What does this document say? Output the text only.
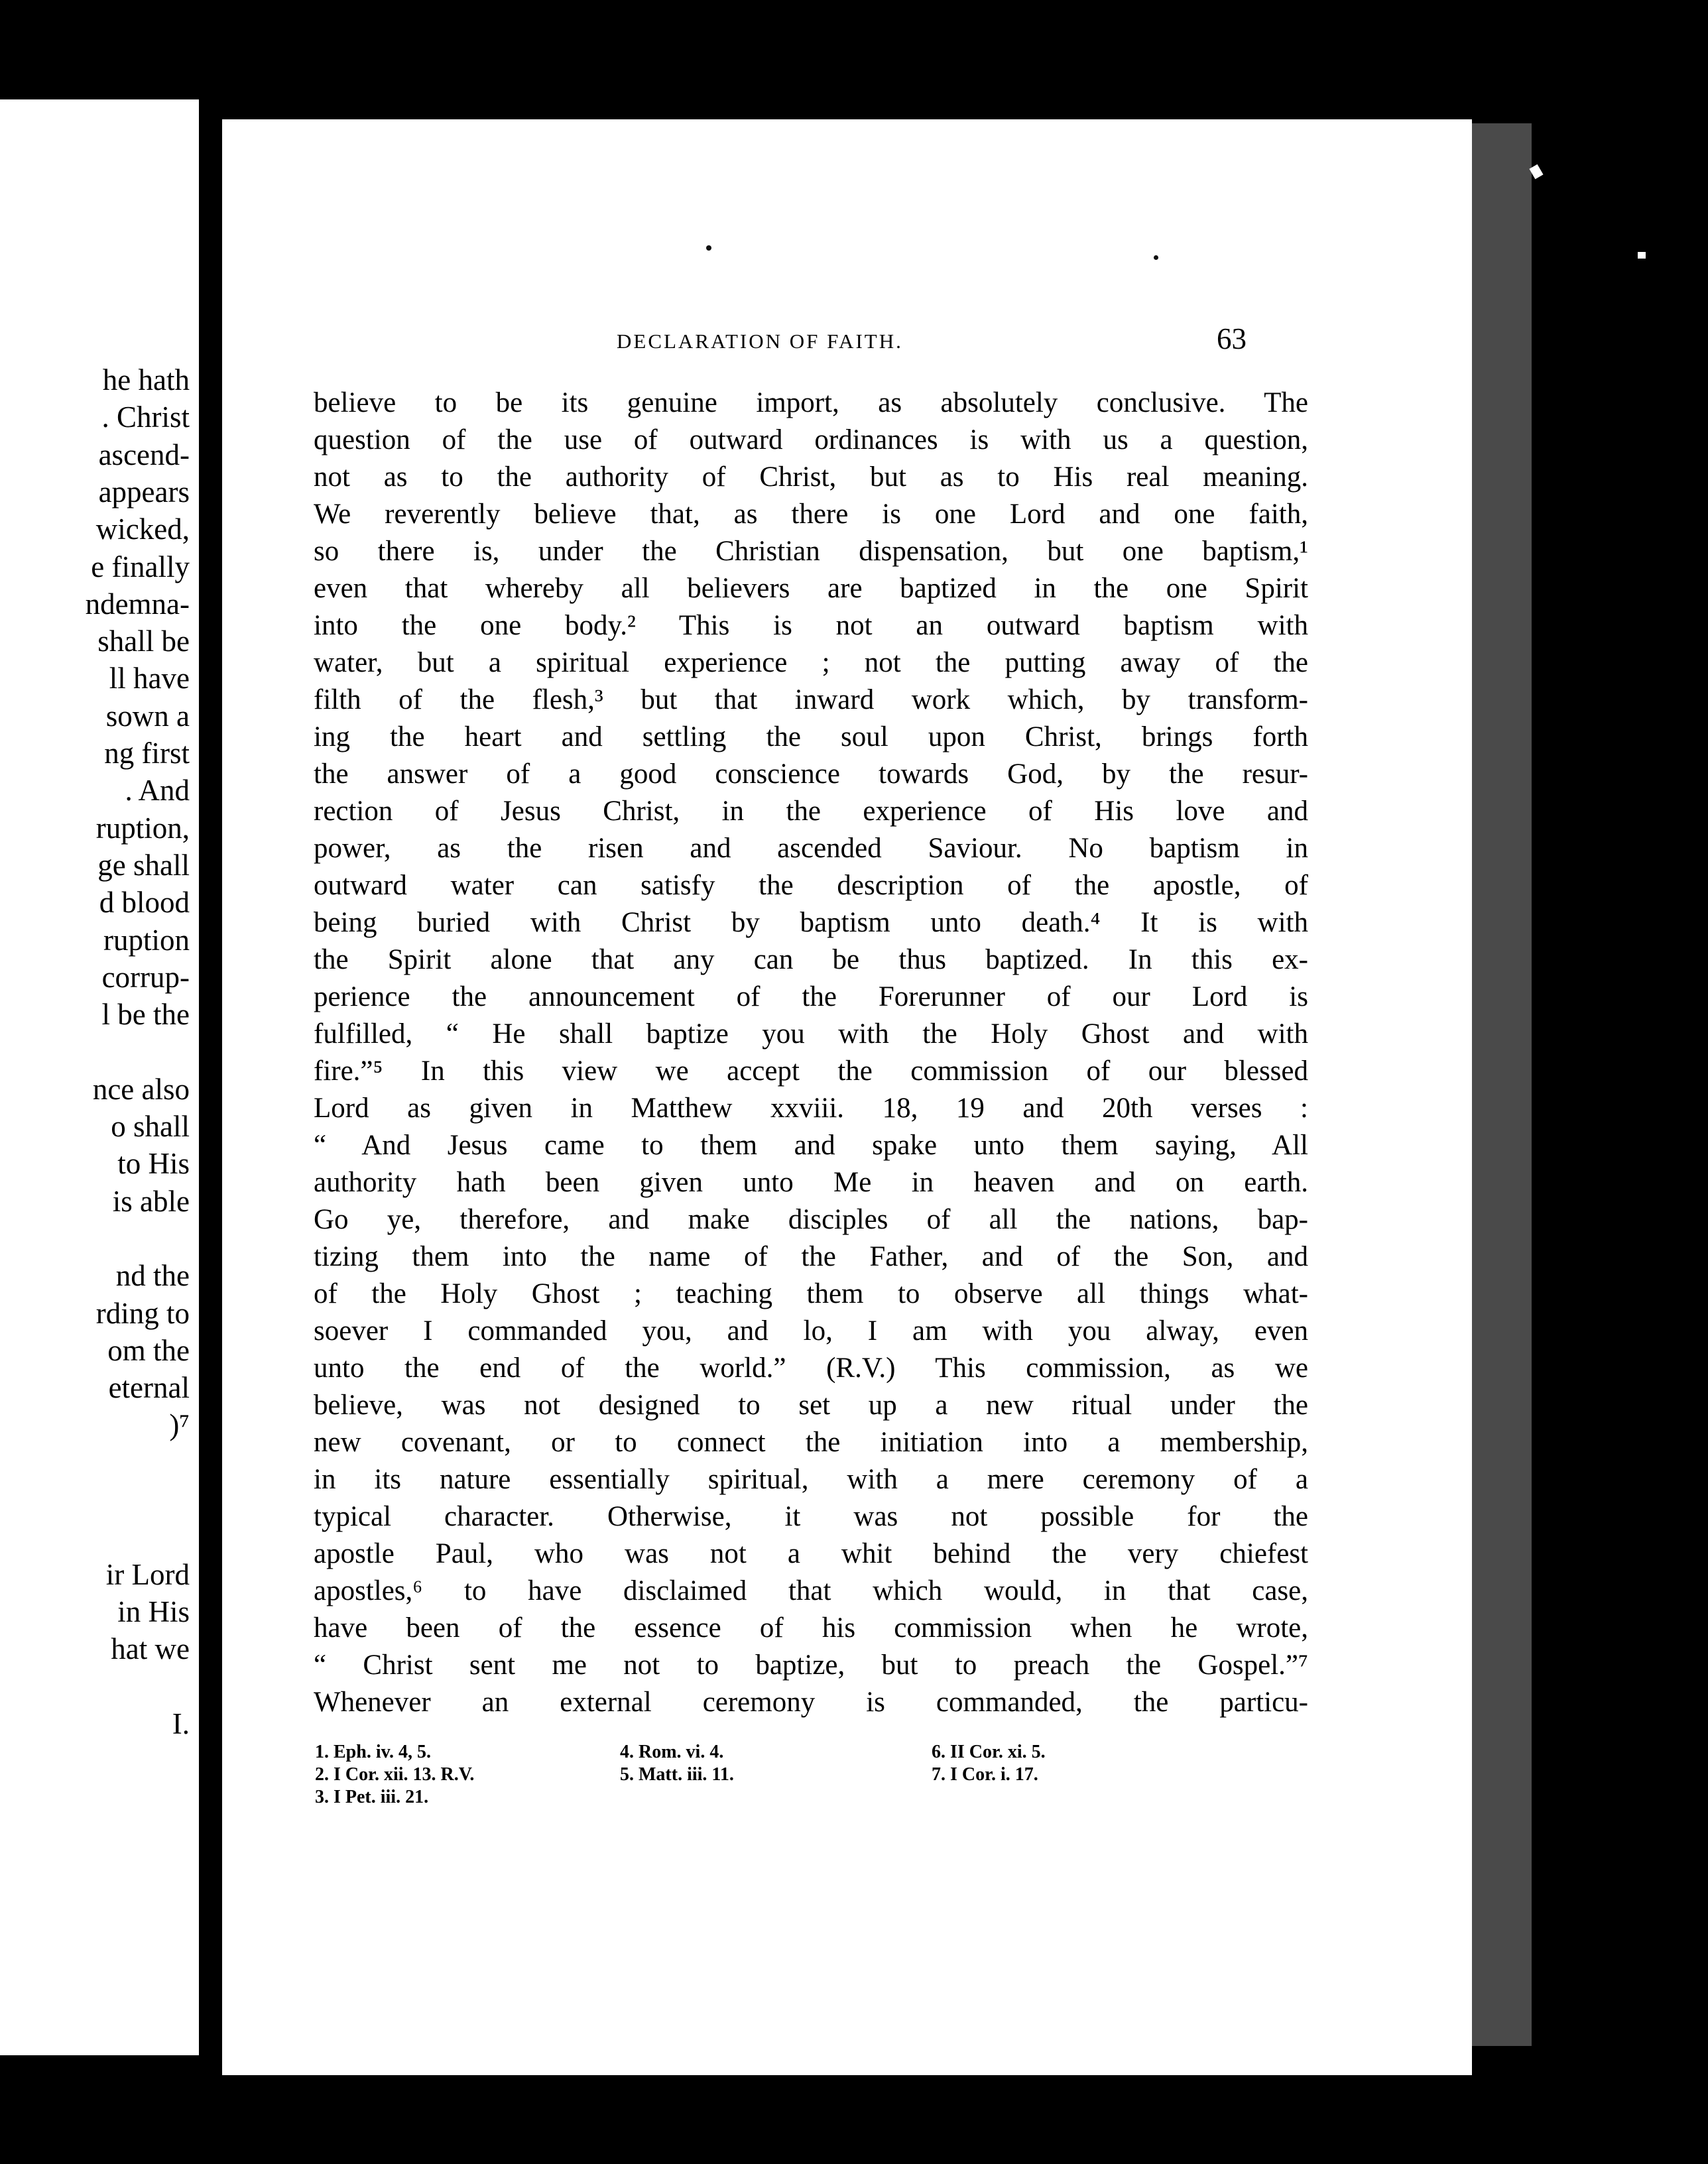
he hath
. Christ
ascend-
appears
wicked,
e finally
ndemna-
shall be
ll have
sown a
ng first
. And
ruption,
ge shall
d blood
ruption
corrup-
l be the
nce also
o shall
to His
is able
nd the
rding to
om the
eternal
)⁷
ir Lord
in His
hat we
I.
DECLARATION OF FAITH.	63
believe to be its genuine import, as absolutely conclusive. The
question of the use of outward ordinances is with us a question,
not as to the authority of Christ, but as to His real meaning.
We reverently believe that, as there is one Lord and one faith,
so there is, under the Christian dispensation, but one baptism,¹
even that whereby all believers are baptized in the one Spirit
into the one body.² This is not an outward baptism with
water, but a spiritual experience ; not the putting away of the
filth of the flesh,³ but that inward work which, by transform-
ing the heart and settling the soul upon Christ, brings forth
the answer of a good conscience towards God, by the resur-
rection of Jesus Christ, in the experience of His love and
power, as the risen and ascended Saviour. No baptism in
outward water can satisfy the description of the apostle, of
being buried with Christ by baptism unto death.⁴ It is with
the Spirit alone that any can be thus baptized. In this ex-
perience the announcement of the Forerunner of our Lord is
fulfilled, “ He shall baptize you with the Holy Ghost and with
fire.”⁵ In this view we accept the commission of our blessed
Lord as given in Matthew xxviii. 18, 19 and 20th verses :
“ And Jesus came to them and spake unto them saying, All
authority hath been given unto Me in heaven and on earth.
Go ye, therefore, and make disciples of all the nations, bap-
tizing them into the name of the Father, and of the Son, and
of the Holy Ghost ; teaching them to observe all things what-
soever I commanded you, and lo, I am with you alway, even
unto the end of the world.” (R.V.) This commission, as we
believe, was not designed to set up a new ritual under the
new covenant, or to connect the initiation into a membership,
in its nature essentially spiritual, with a mere ceremony of a
typical character. Otherwise, it was not possible for the
apostle Paul, who was not a whit behind the very chiefest
apostles,⁶ to have disclaimed that which would, in that case,
have been of the essence of his commission when he wrote,
“ Christ sent me not to baptize, but to preach the Gospel.”⁷
Whenever an external ceremony is commanded, the particu-
1. Eph. iv. 4, 5.
2. I Cor. xii. 13. R.V.
3. I Pet. iii. 21.
4. Rom. vi. 4.
5. Matt. iii. 11.
6. II Cor. xi. 5.
7. I Cor. i. 17.
